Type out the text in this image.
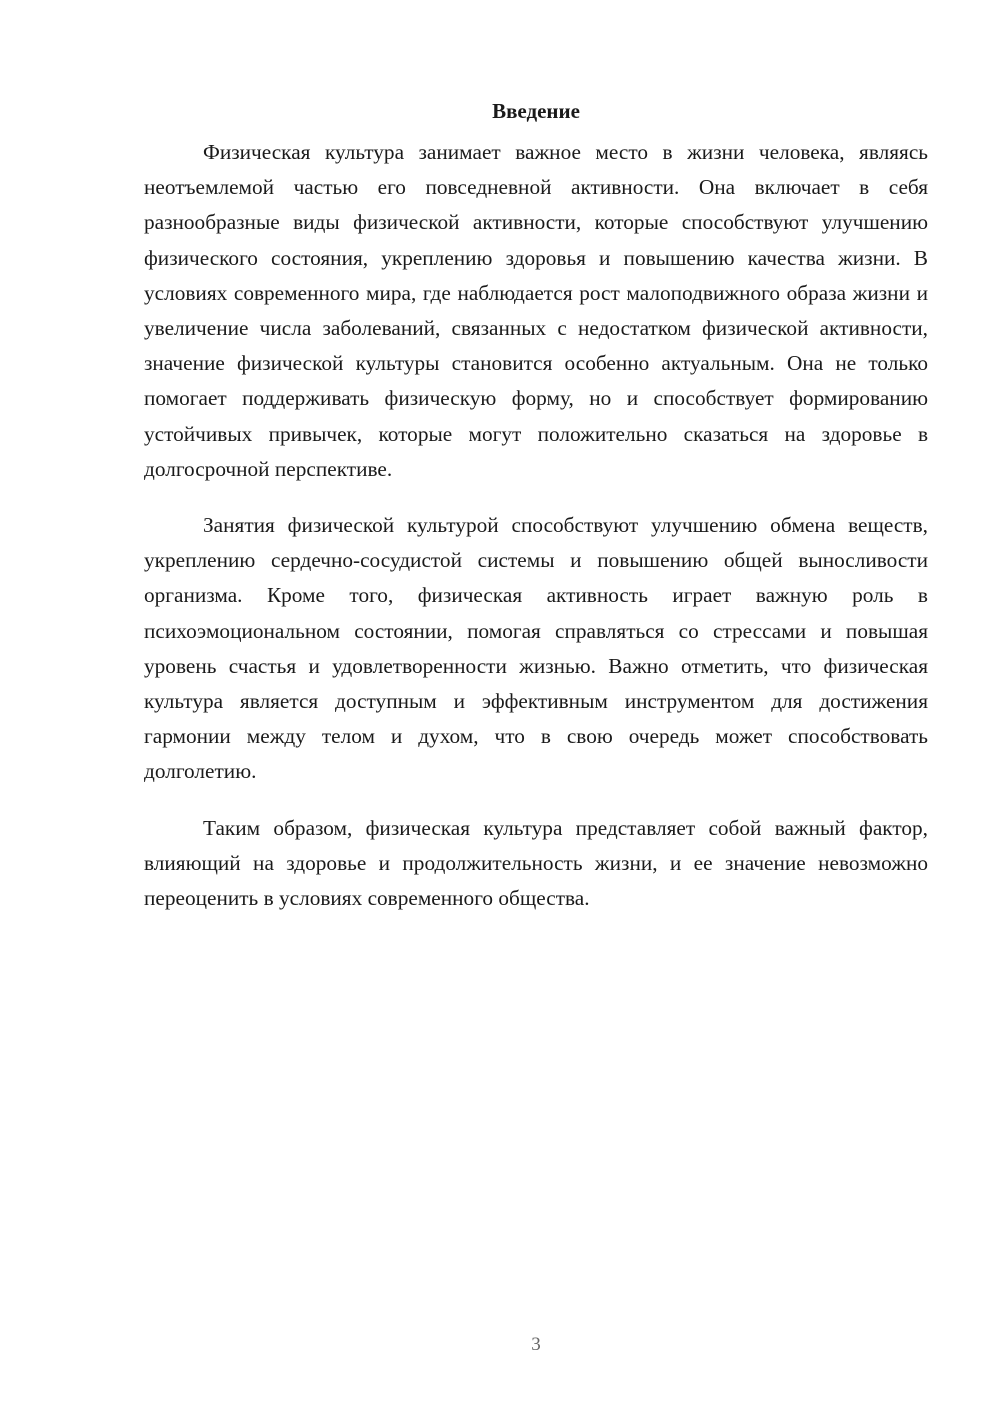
Введение

Физическая культура занимает важное место в жизни человека, являясь неотъемлемой частью его повседневной активности. Она включает в себя разнообразные виды физической активности, которые способствуют улучшению физического состояния, укреплению здоровья и повышению качества жизни. В условиях современного мира, где наблюдается рост малоподвижного образа жизни и увеличение числа заболеваний, связанных с недостатком физической активности, значение физической культуры становится особенно актуальным. Она не только помогает поддерживать физическую форму, но и способствует формированию устойчивых привычек, которые могут положительно сказаться на здоровье в долгосрочной перспективе.

Занятия физической культурой способствуют улучшению обмена веществ, укреплению сердечно-сосудистой системы и повышению общей выносливости организма. Кроме того, физическая активность играет важную роль в психоэмоциональном состоянии, помогая справляться со стрессами и повышая уровень счастья и удовлетворенности жизнью. Важно отметить, что физическая культура является доступным и эффективным инструментом для достижения гармонии между телом и духом, что в свою очередь может способствовать долголетию.

Таким образом, физическая культура представляет собой важный фактор, влияющий на здоровье и продолжительность жизни, и ее значение невозможно переоценить в условиях современного общества.

3
